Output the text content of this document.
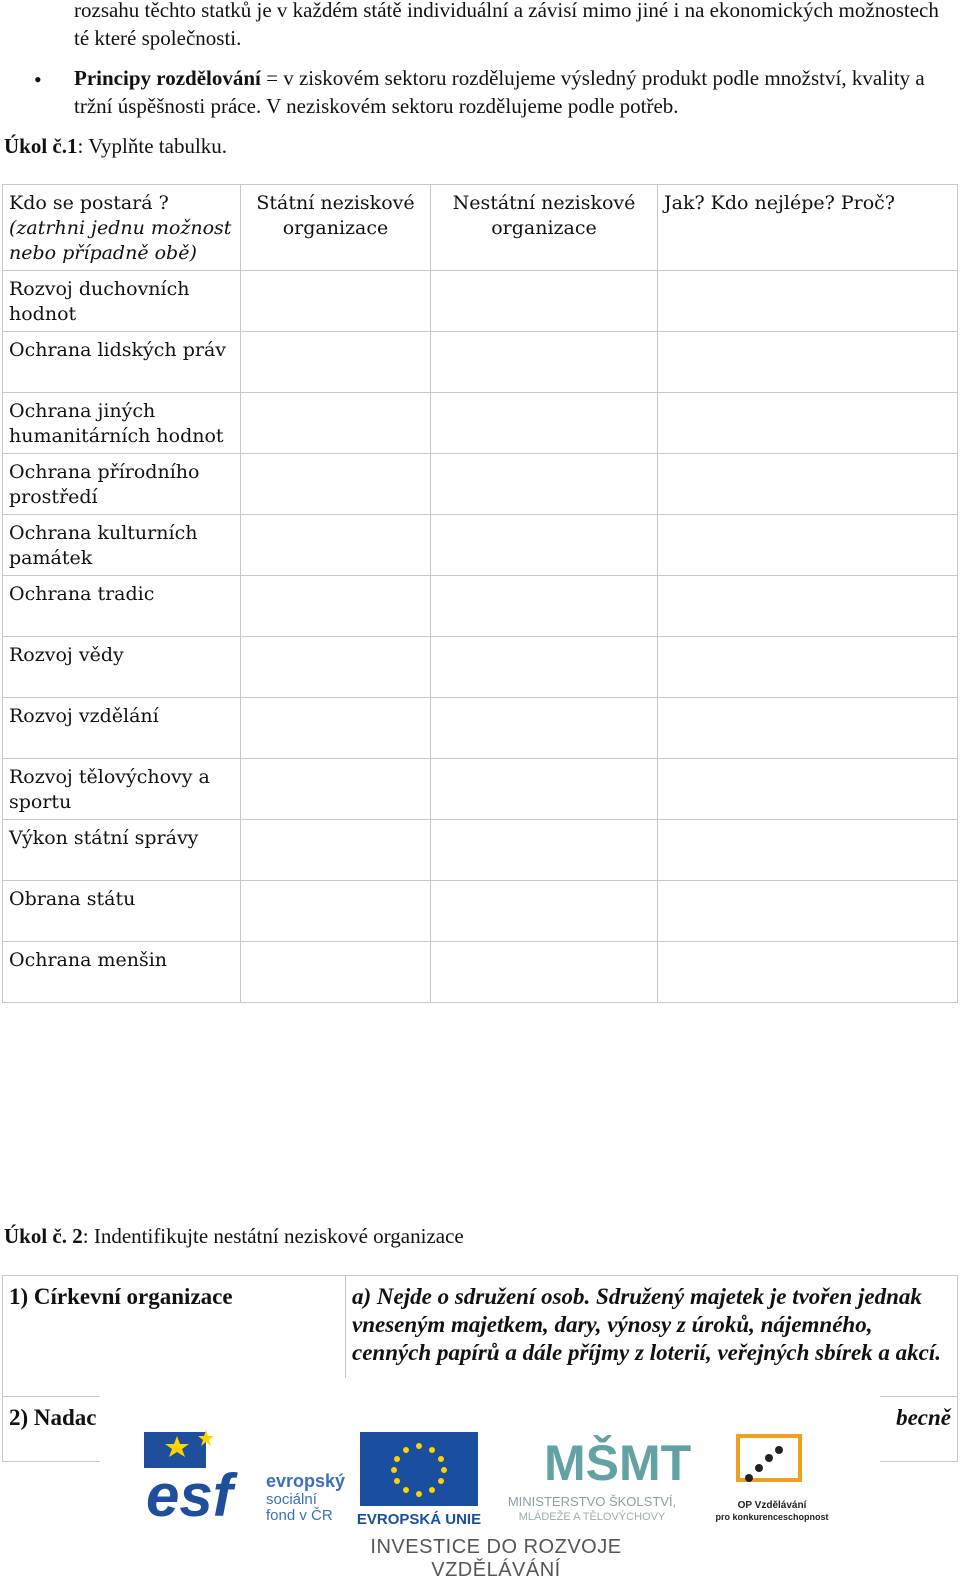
rozsahu těchto statků je v každém státě individuální a závisí mimo jiné i na ekonomických možnostech té které společnosti.

• Principy rozdělování = v ziskovém sektoru rozdělujeme výsledný produkt podle množství, kvality a tržní úspěšnosti práce. V neziskovém sektoru rozdělujeme podle potřeb.

Úkol č.1: Vyplňte tabulku.

Kdo se postará ?
(zatrhni jednu možnost nebo případně obě)	Státní neziskové organizace	Nestátní neziskové organizace	Jak? Kdo nejlépe? Proč?
Rozvoj duchovních hodnot			
Ochrana lidských práv			
Ochrana jiných humanitárních hodnot			
Ochrana přírodního prostředí			
Ochrana kulturních památek			
Ochrana tradic			
Rozvoj vědy			
Rozvoj vzdělání			
Rozvoj tělovýchovy a sportu			
Výkon státní správy			
Obrana státu			
Ochrana menšin			

Úkol č. 2: Indentifikujte nestátní neziskové organizace

1) Církevní organizace	a) Nejde o sdružení osob. Sdružený majetek je tvořen jednak vneseným majetkem, dary, výnosy z úroků, nájemného, cenných papírů a dále příjmy z loterií, veřejných sbírek a akcí.

2) Nadac	becně
esf evropský
sociální
fond v ČR EVROPSKÁ UNIE
MŠMT
MINISTERSTVO ŠKOLSTVÍ,
MLÁDEŽE A TĚLOVÝCHOVY
OP Vzdělávání
pro konkurenceschopnost
INVESTICE DO ROZVOJE VZDĚLÁVÁNÍ
